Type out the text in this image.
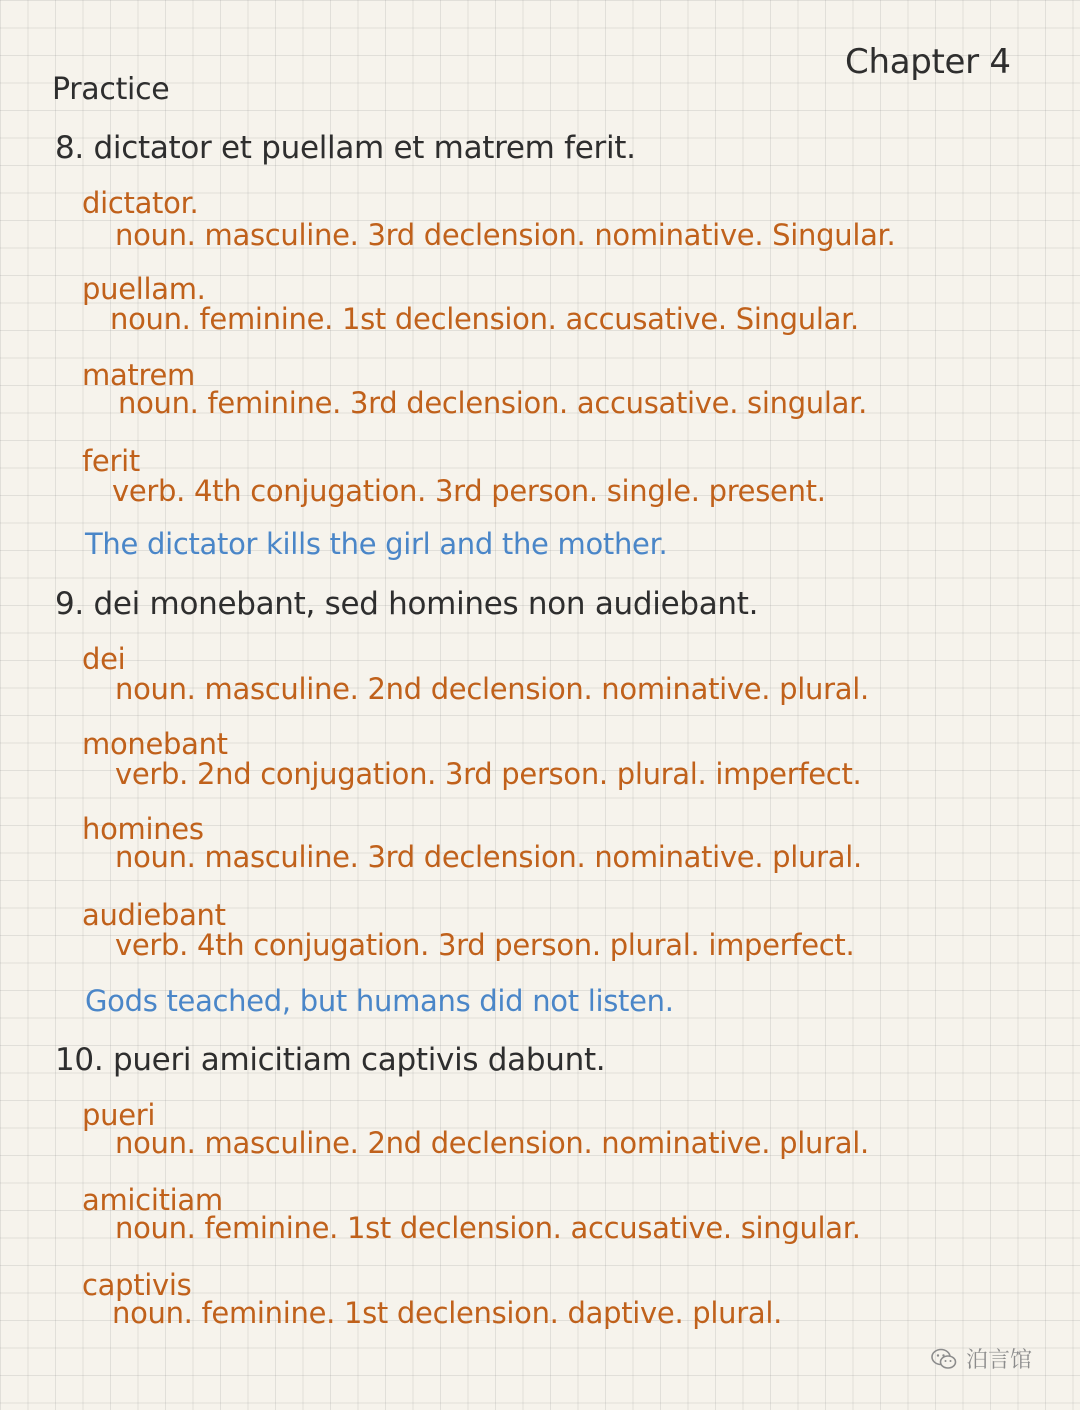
Chapter 4
Practice
8. dictator et puellam et matrem ferit.
dictator.
noun. masculine. 3rd declension. nominative. Singular.
puellam.
noun. feminine. 1st declension. accusative. Singular.
matrem
noun. feminine. 3rd declension. accusative. singular.
ferit
verb. 4th conjugation. 3rd person. single. present.
The dictator kills the girl and the mother.
9. dei monebant, sed homines non audiebant.
dei
noun. masculine. 2nd declension. nominative. plural.
monebant
verb. 2nd conjugation. 3rd person. plural. imperfect.
homines
noun. masculine. 3rd declension. nominative. plural.
audiebant
verb. 4th conjugation. 3rd person. plural. imperfect.
Gods teached, but humans did not listen.
10. pueri amicitiam captivis dabunt.
pueri
noun. masculine. 2nd declension. nominative. plural.
amicitiam
noun. feminine. 1st declension. accusative. singular.
captivis
noun. feminine. 1st declension. daptive. plural.
泊言馆
